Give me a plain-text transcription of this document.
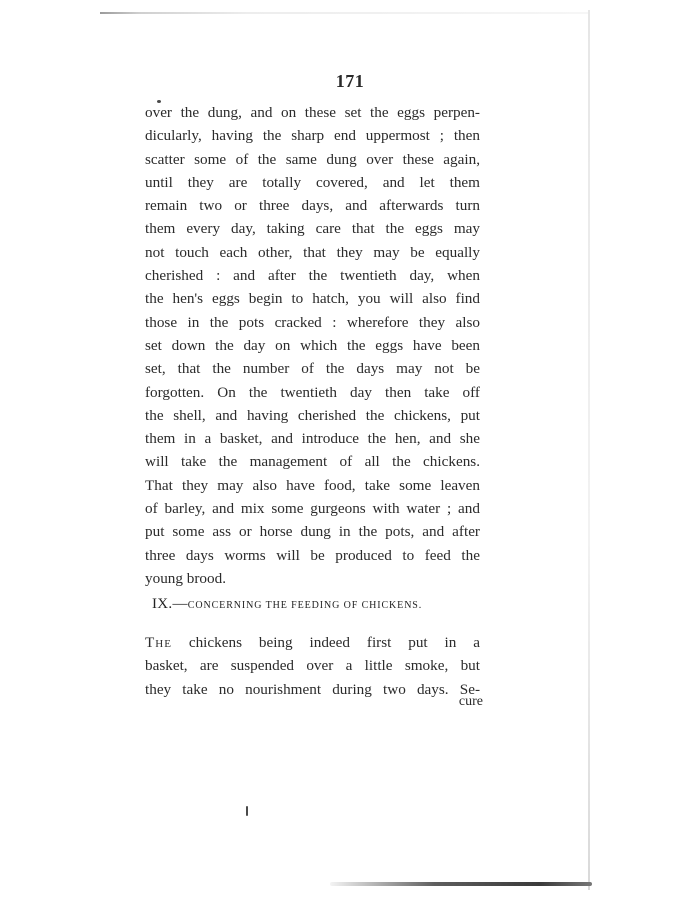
171

over the dung, and on these set the eggs perpen-
dicularly, having the sharp end uppermost ; then
scatter some of the same dung over these again,
until they are totally covered, and let them
remain two or three days, and afterwards turn
them every day, taking care that the eggs may
not touch each other, that they may be equally
cherished : and after the twentieth day, when
the hen's eggs begin to hatch, you will also find
those in the pots cracked : wherefore they also
set down the day on which the eggs have been
set, that the number of the days may not be
forgotten. On the twentieth day then take off
the shell, and having cherished the chickens, put
them in a basket, and introduce the hen, and she
will take the management of all the chickens.
That they may also have food, take some leaven
of barley, and mix some gurgeons with water ; and
put some ass or horse dung in the pots, and after
three days worms will be produced to feed the
young brood.

IX.—CONCERNING THE FEEDING OF CHICKENS.

The chickens being indeed first put in a
basket, are suspended over a little smoke, but
they take no nourishment during two days. Se-

cure
